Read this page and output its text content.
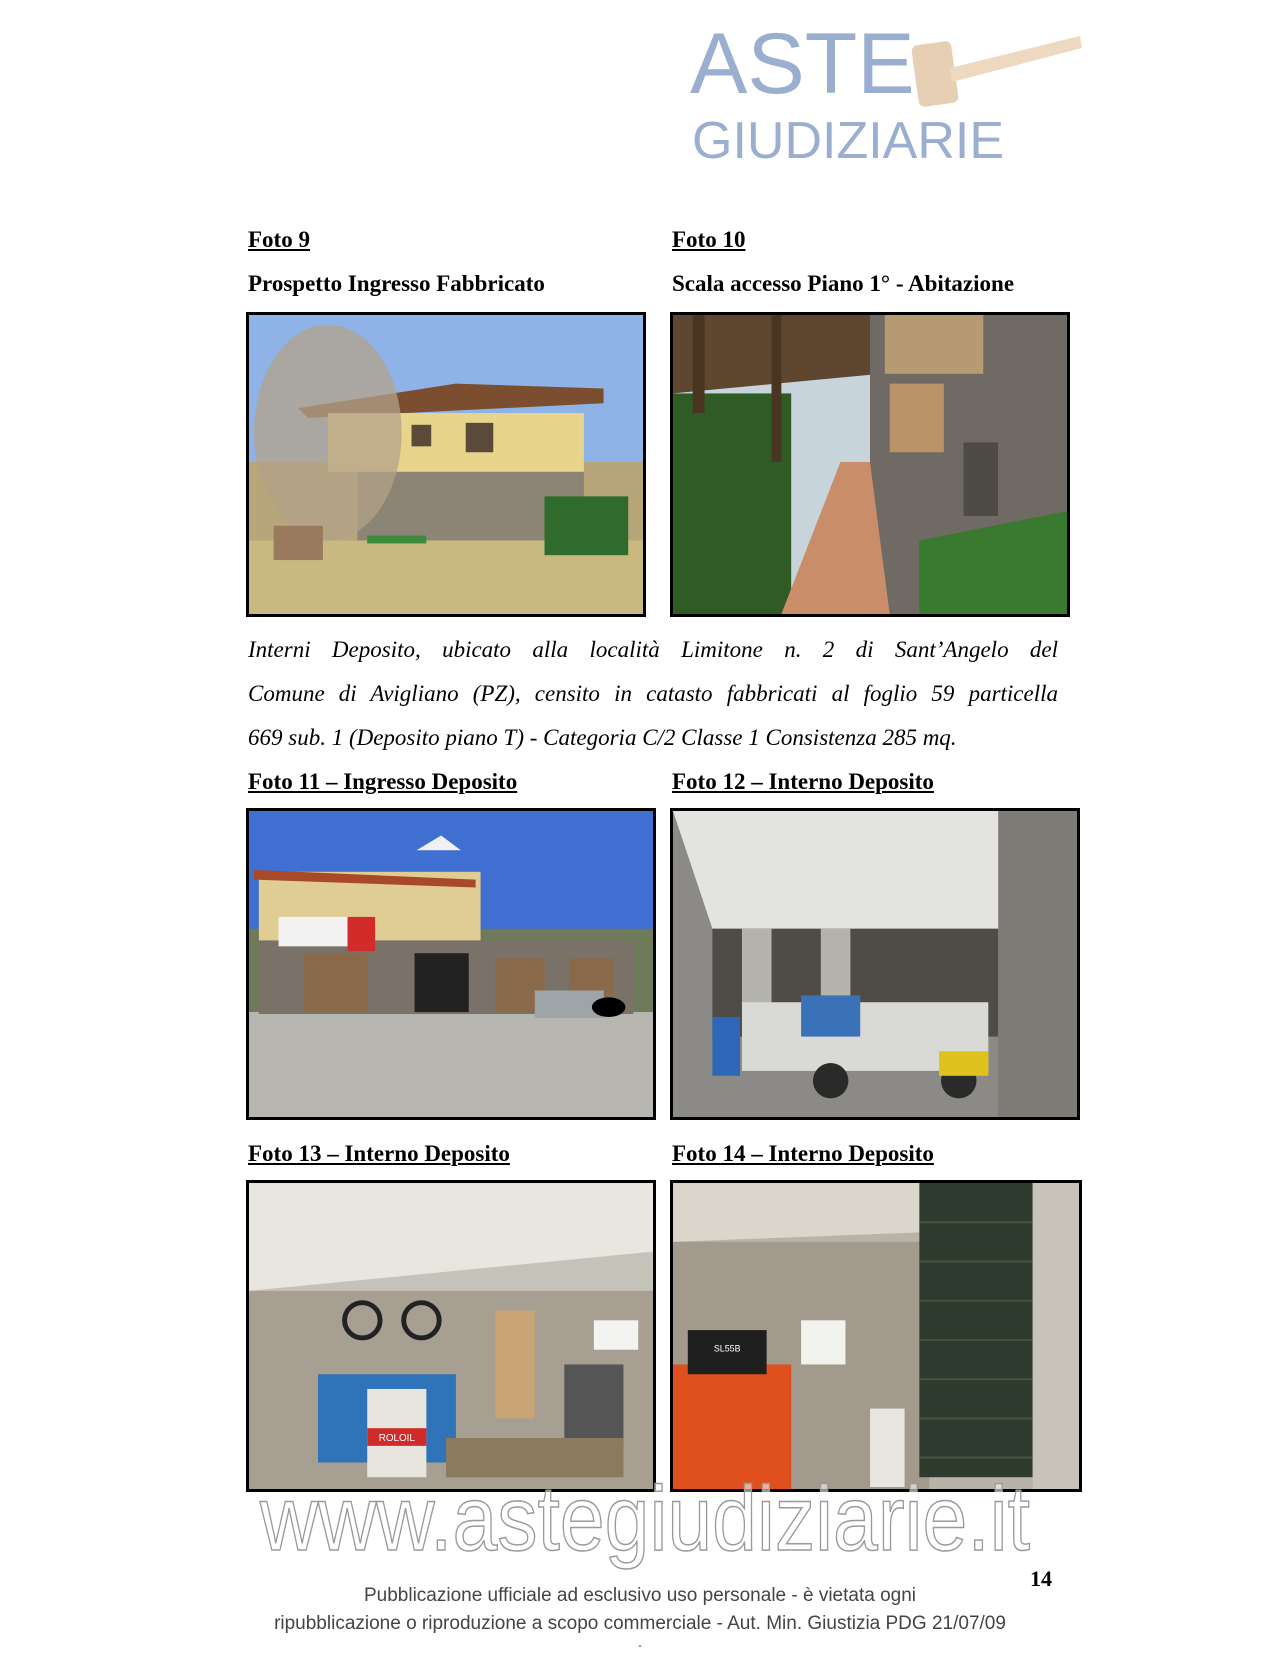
ASTE
GIUDIZIARIE
Foto 9
Prospetto Ingresso Fabbricato
Foto 10
Scala accesso Piano 1° - Abitazione
Interni Deposito, ubicato alla località Limitone n. 2 di Sant’Angelo del
Comune di Avigliano (PZ), censito in catasto fabbricati al foglio 59 particella
669 sub. 1 (Deposito piano T) - Categoria C/2 Classe 1 Consistenza 285 mq.
Foto 11 – Ingresso Deposito	Foto 12 – Interno Deposito
Foto 13 – Interno Deposito	Foto 14 – Interno Deposito
ROLOIL
SL55B
www.astegiudiziarie.it
14
Pubblicazione ufficiale ad esclusivo uso personale - è vietata ogni
ripubblicazione o riproduzione a scopo commerciale - Aut. Min. Giustizia PDG 21/07/09
-
